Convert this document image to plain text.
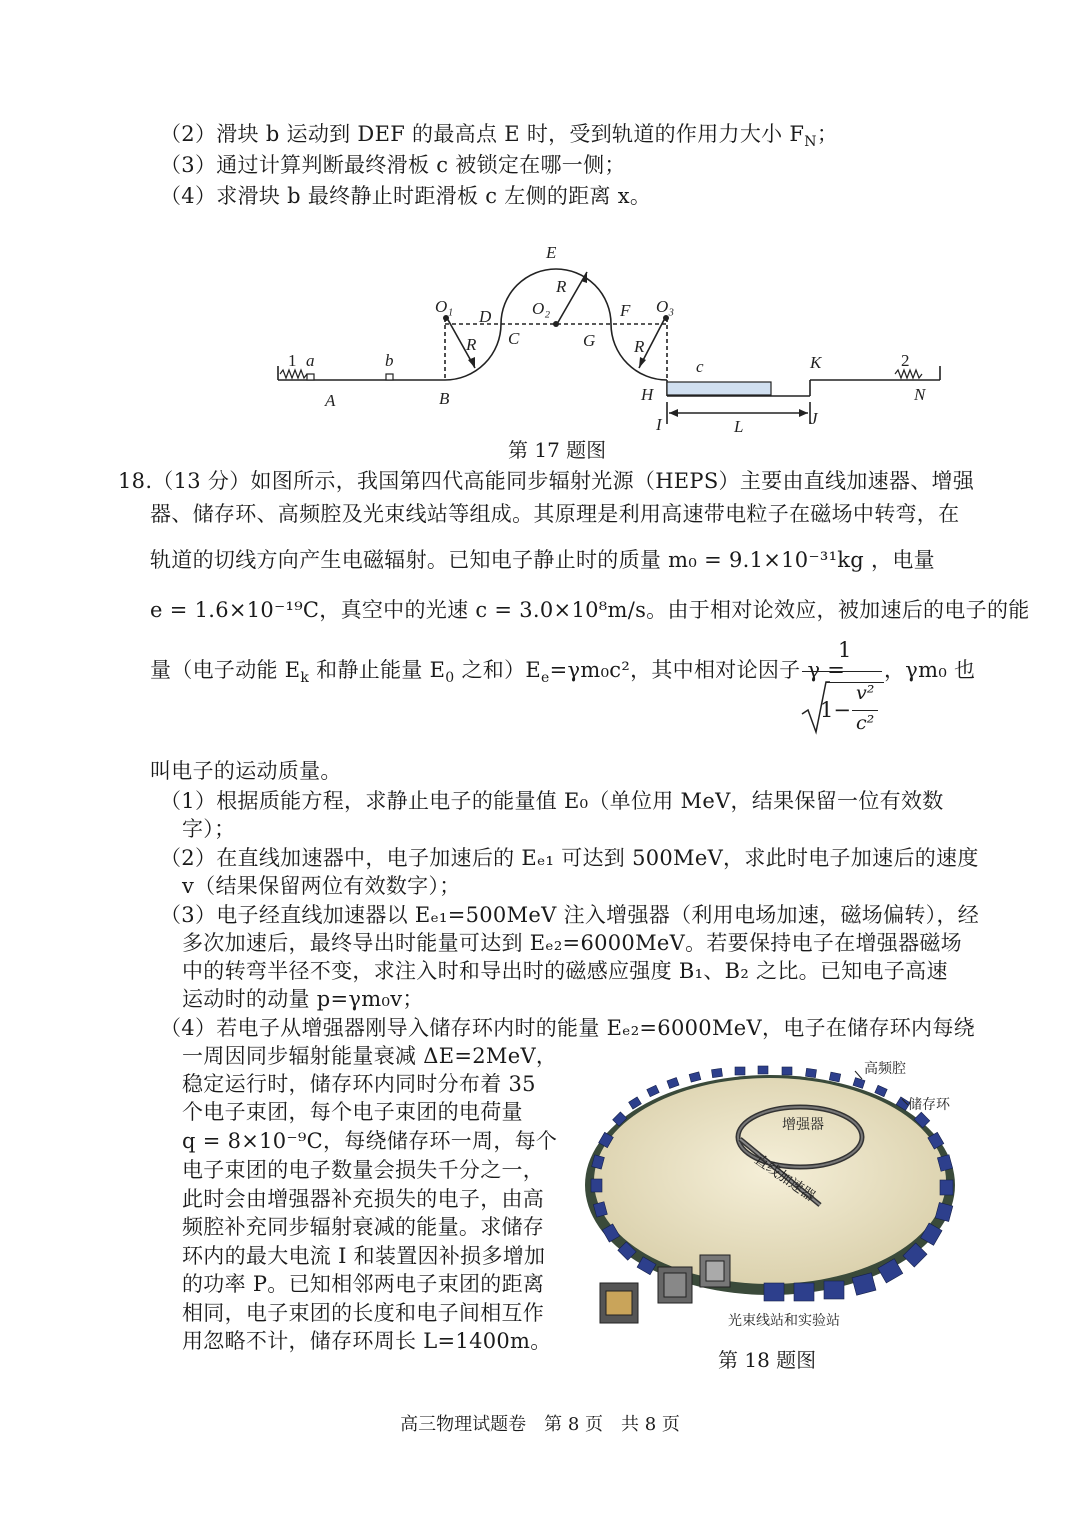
（2）滑块 b 运动到 DEF 的最高点 E 时，受到轨道的作用力大小 $F_N$；
（3）通过计算判断最终滑板 c 被锁定在哪一侧；
（4）求滑块 b 最终静止时距滑板 c 左侧的距离 x。
1 a	b
A	B
O₁
D
E
O₂	F O₃
C	G
H
R
R
R
c	K
I	J
L
2
N
第 17 题图
18.（13 分）如图所示，我国第四代高能同步辐射光源（HEPS）主要由直线加速器、增强
器、储存环、高频腔及光束线站等组成。其原理是利用高速带电粒子在磁场中转弯，在
轨道的切线方向产生电磁辐射。已知电子静止时的质量 m₀ = 9.1×10⁻³¹kg ，电量
e = 1.6×10⁻¹⁹C，真空中的光速 c = 3.0×10⁸m/s。由于相对论效应，被加速后的电子的能
量（电子动能 $E_k$ 和静止能量 $E_0$ 之和）$E_e=\gamma m_0c^2$，其中相对论因子 γ =
1
1−
v²
c²
，γm₀ 也
叫电子的运动质量。
（1）根据质能方程，求静止电子的能量值 E₀（单位用 MeV，结果保留一位有效数
字）；
（2）在直线加速器中，电子加速后的 Eₑ₁ 可达到 500MeV，求此时电子加速后的速度
v（结果保留两位有效数字）；
（3）电子经直线加速器以 Eₑ₁=500MeV 注入增强器（利用电场加速，磁场偏转），经
多次加速后，最终导出时能量可达到 Eₑ₂=6000MeV。若要保持电子在增强器磁场
中的转弯半径不变，求注入时和导出时的磁感应强度 B₁、B₂ 之比。已知电子高速
运动时的动量 p=γm₀v；
（4）若电子从增强器刚导入储存环内时的能量 Eₑ₂=6000MeV，电子在储存环内每绕
一周因同步辐射能量衰减 ΔE=2MeV，
稳定运行时，储存环内同时分布着 35
个电子束团，每个电子束团的电荷量
q = 8×10⁻⁹C，每绕储存环一周，每个
电子束团的电子数量会损失千分之一，
此时会由增强器补充损失的电子，由高
频腔补充同步辐射衰减的能量。求储存
环内的最大电流 I 和装置因补损多增加
的功率 P。已知相邻两电子束团的距离
相同，电子束团的长度和电子间相互作
用忽略不计，储存环周长 L=1400m。
高频腔
储存环
增强器
直线加速器
光束线站和实验站
第 18 题图
高三物理试题卷　第 8 页　共 8 页
